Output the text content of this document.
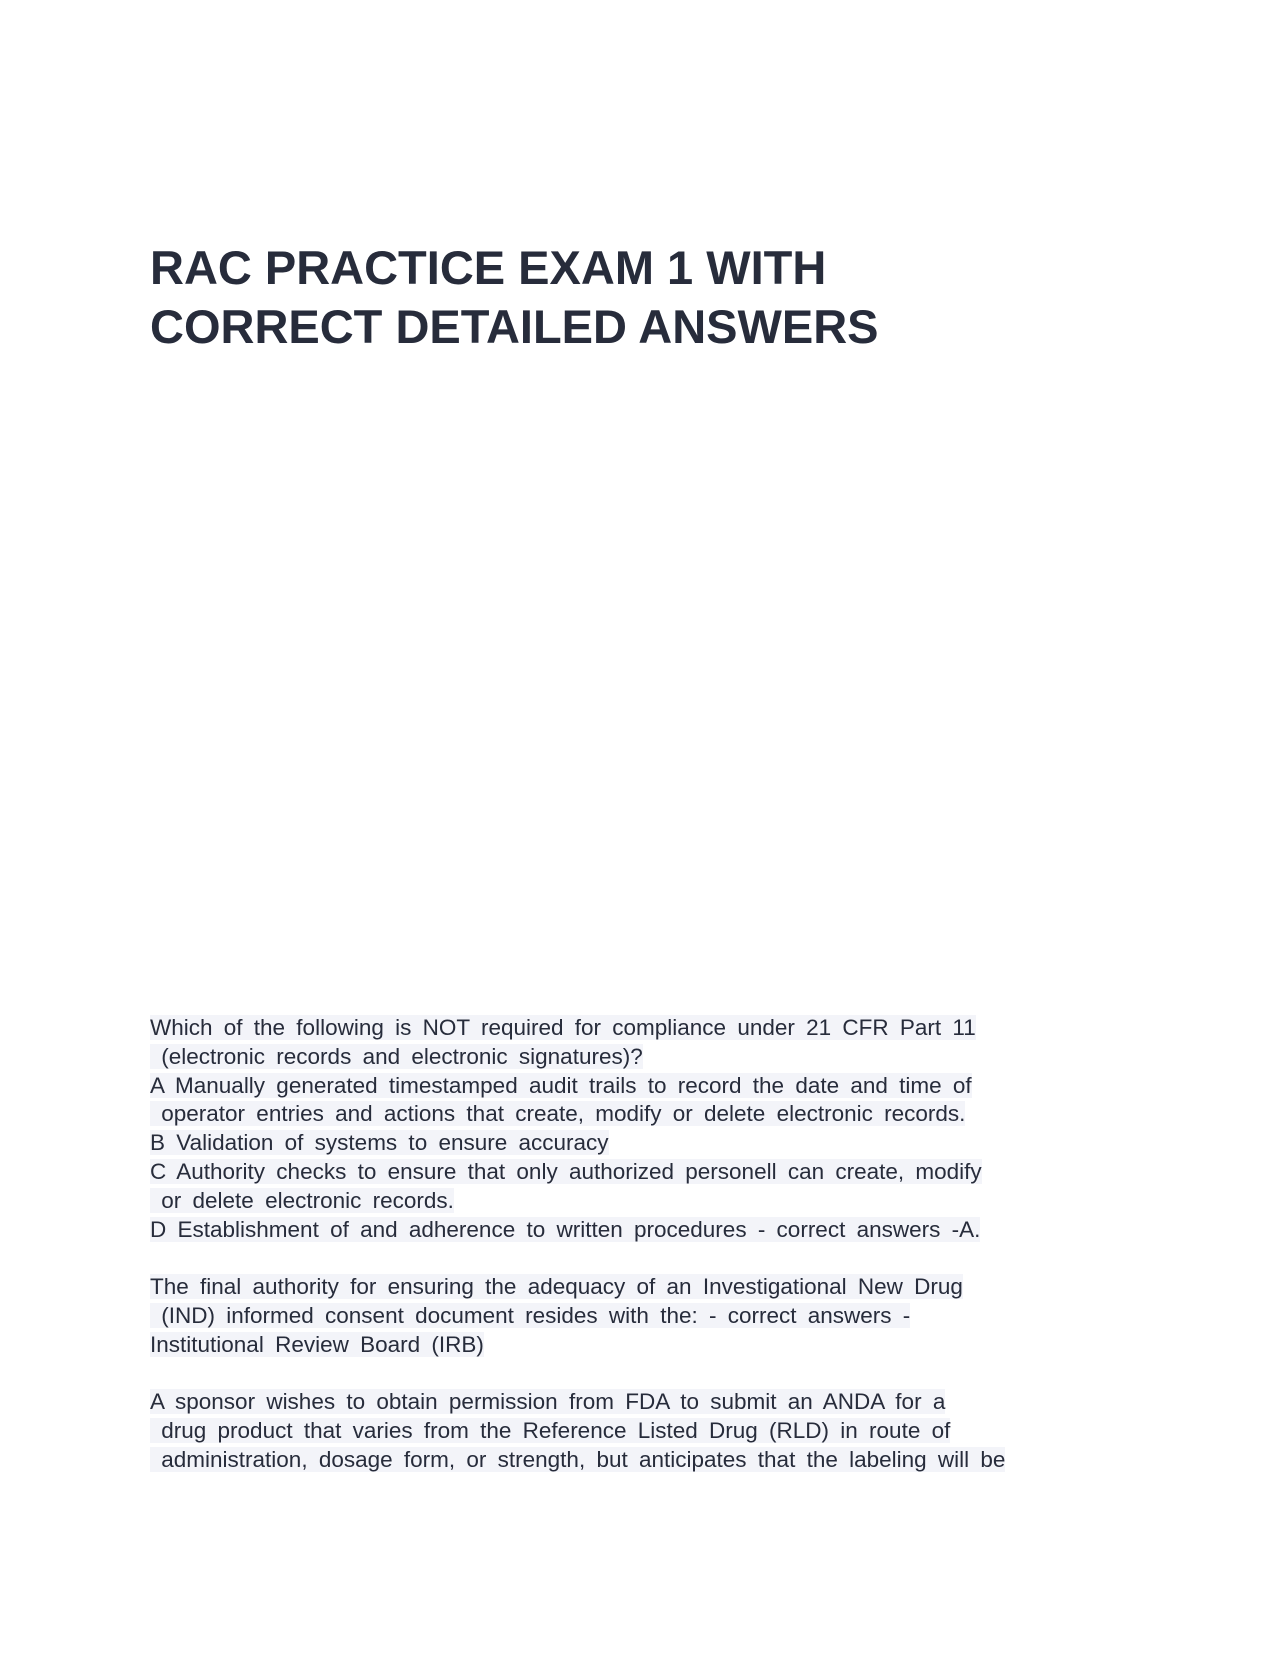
RAC PRACTICE EXAM 1 WITH
CORRECT DETAILED ANSWERS
Which of the following is NOT required for compliance under 21 CFR Part 11
(electronic records and electronic signatures)?
A Manually generated timestamped audit trails to record the date and time of
operator entries and actions that create, modify or delete electronic records.
B Validation of systems to ensure accuracy
C Authority checks to ensure that only authorized personell can create, modify
or delete electronic records.
D Establishment of and adherence to written procedures - correct answers -A.
The final authority for ensuring the adequacy of an Investigational New Drug
(IND) informed consent document resides with the: - correct answers -
Institutional Review Board (IRB)
A sponsor wishes to obtain permission from FDA to submit an ANDA for a
drug product that varies from the Reference Listed Drug (RLD) in route of
administration, dosage form, or strength, but anticipates that the labeling will be
